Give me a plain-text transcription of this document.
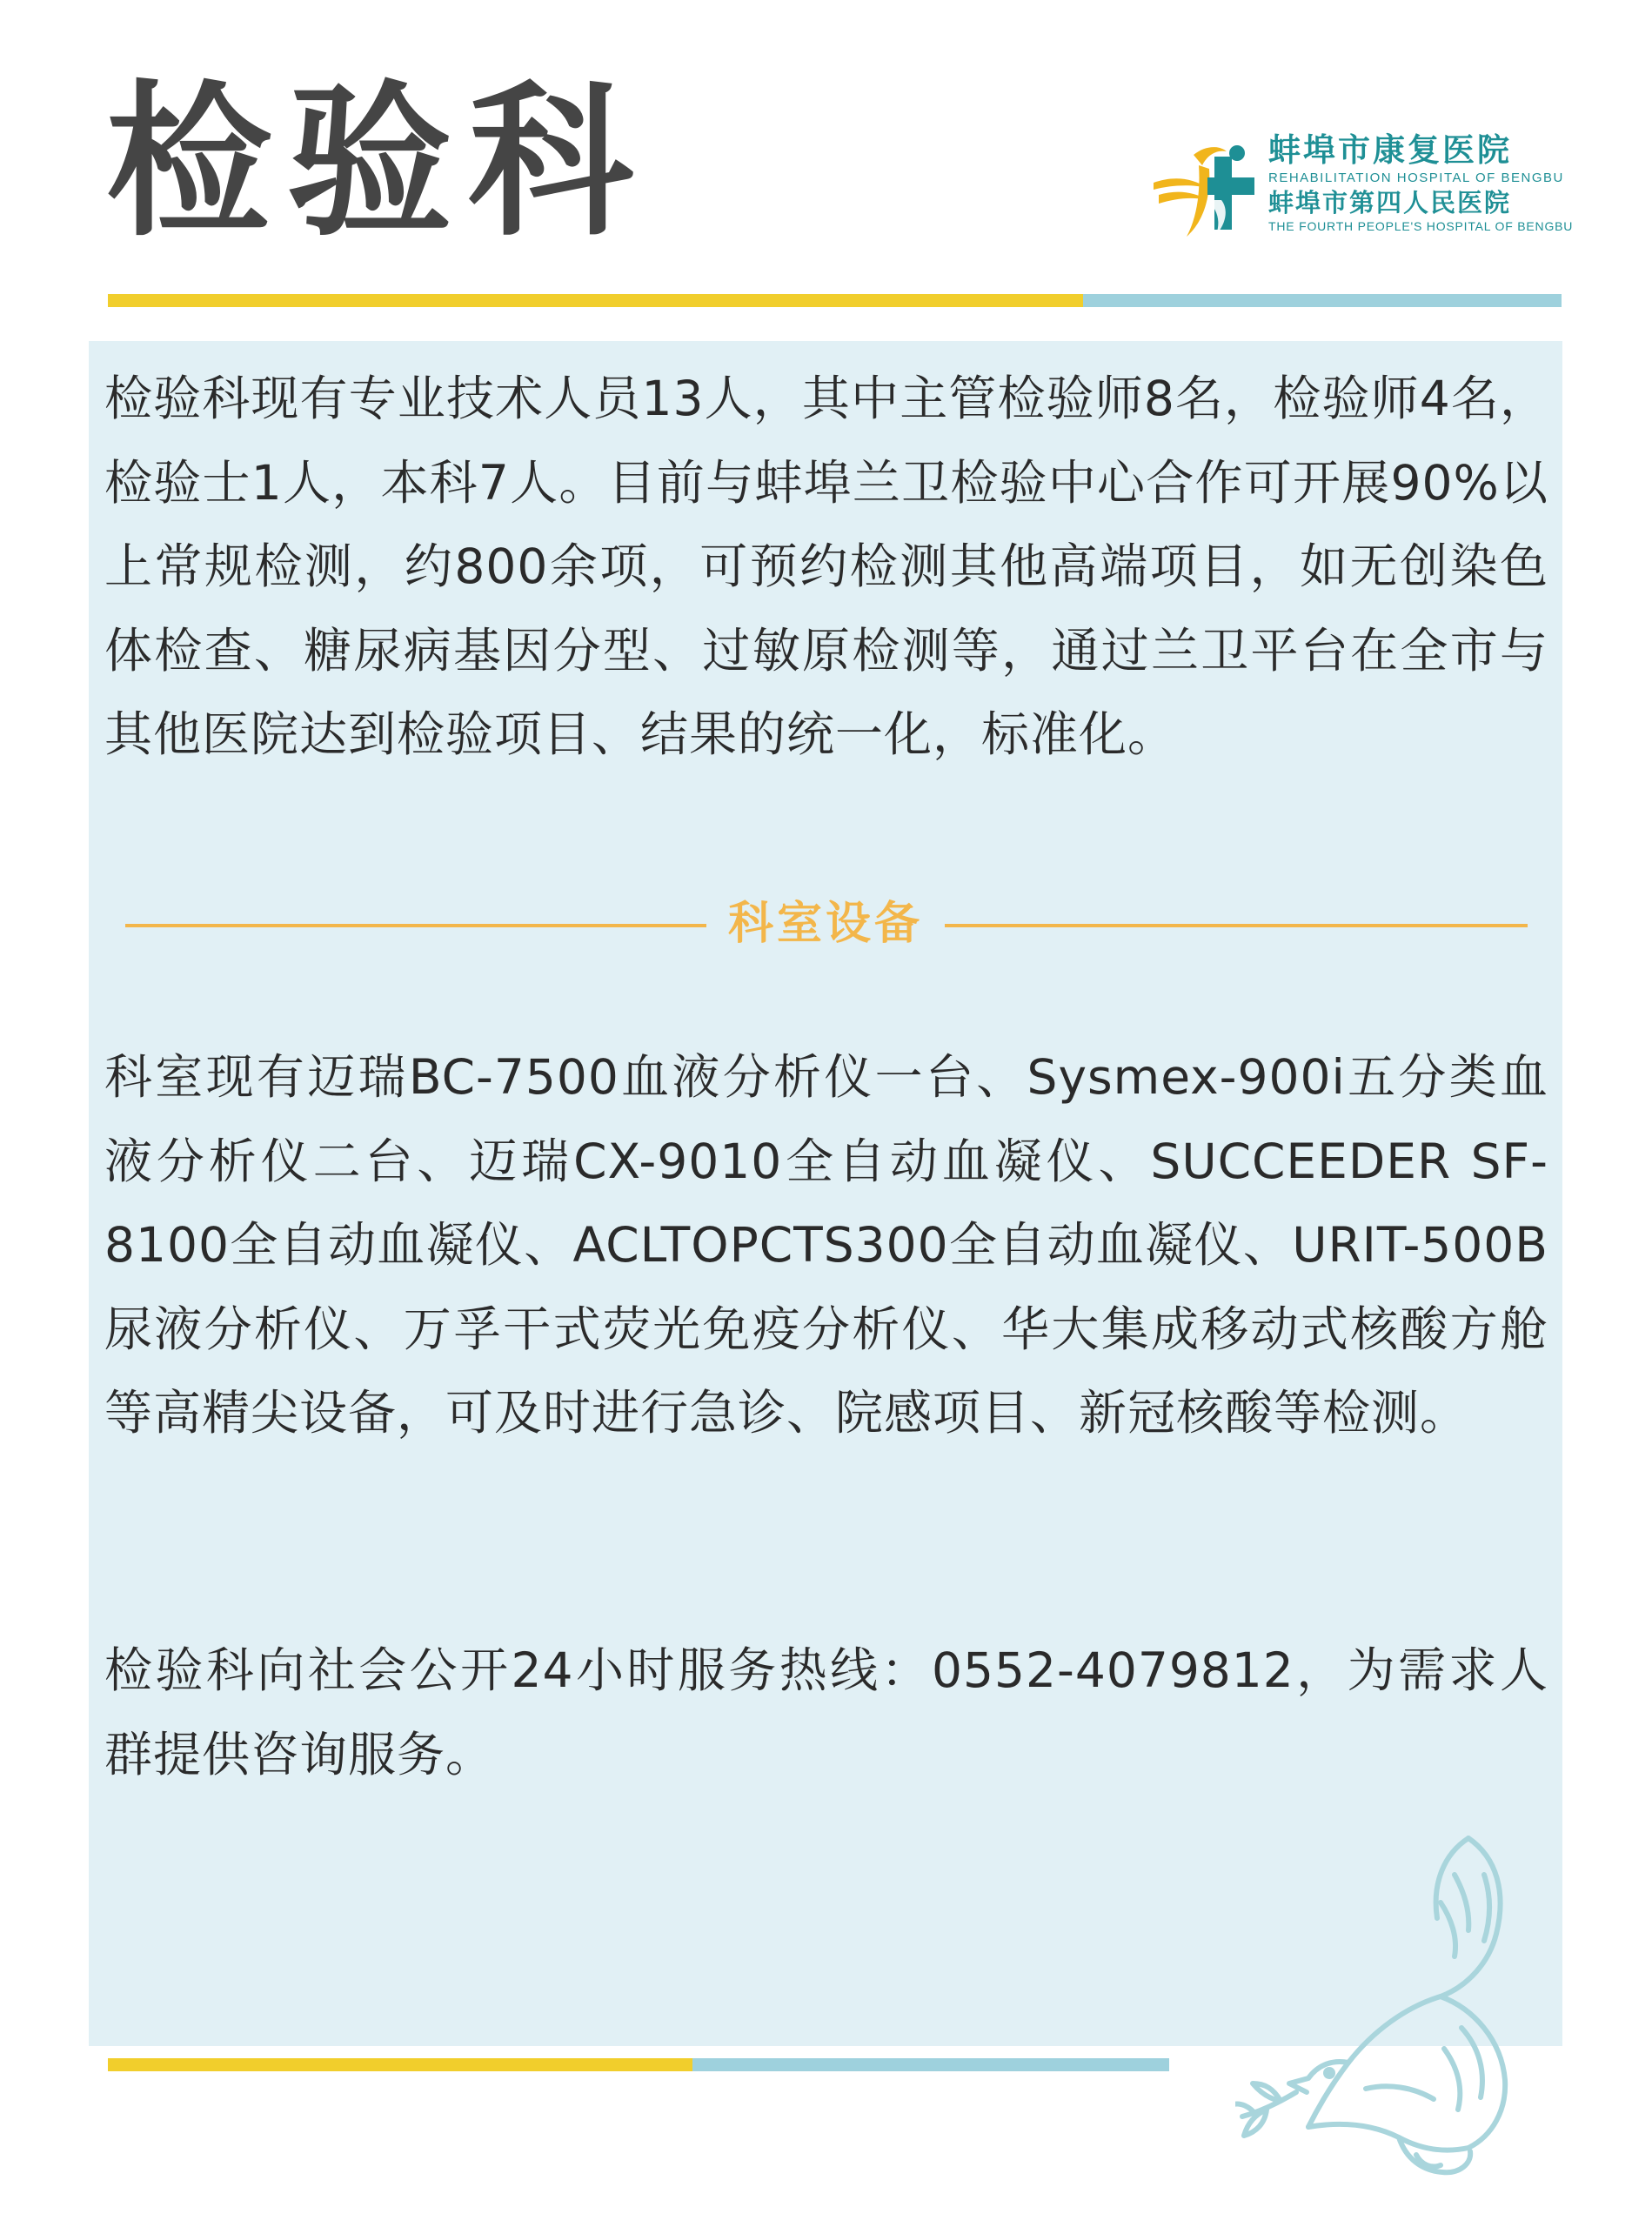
检验科	蚌埠市康复医院
REHABILITATION HOSPITAL OF BENGBU
蚌埠市第四人民医院
THE FOURTH PEOPLE'S HOSPITAL OF BENGBU

检验科现有专业技术人员13人，其中主管检验师8名，检验师4名，检验士1人，本科7人。目前与蚌埠兰卫检验中心合作可开展90%以上常规检测，约800余项，可预约检测其他高端项目，如无创染色体检查、糖尿病基因分型、过敏原检测等，通过兰卫平台在全市与其他医院达到检验项目、结果的统一化，标准化。

科室设备

科室现有迈瑞BC-7500血液分析仪一台、Sysmex-900i五分类血液分析仪二台、迈瑞CX-9010全自动血凝仪、SUCCEEDER SF-8100全自动血凝仪、ACLTOPCTS300全自动血凝仪、URIT-500B尿液分析仪、万孚干式荧光免疫分析仪、华大集成移动式核酸方舱等高精尖设备，可及时进行急诊、院感项目、新冠核酸等检测。

检验科向社会公开24小时服务热线：0552-4079812，为需求人群提供咨询服务。
